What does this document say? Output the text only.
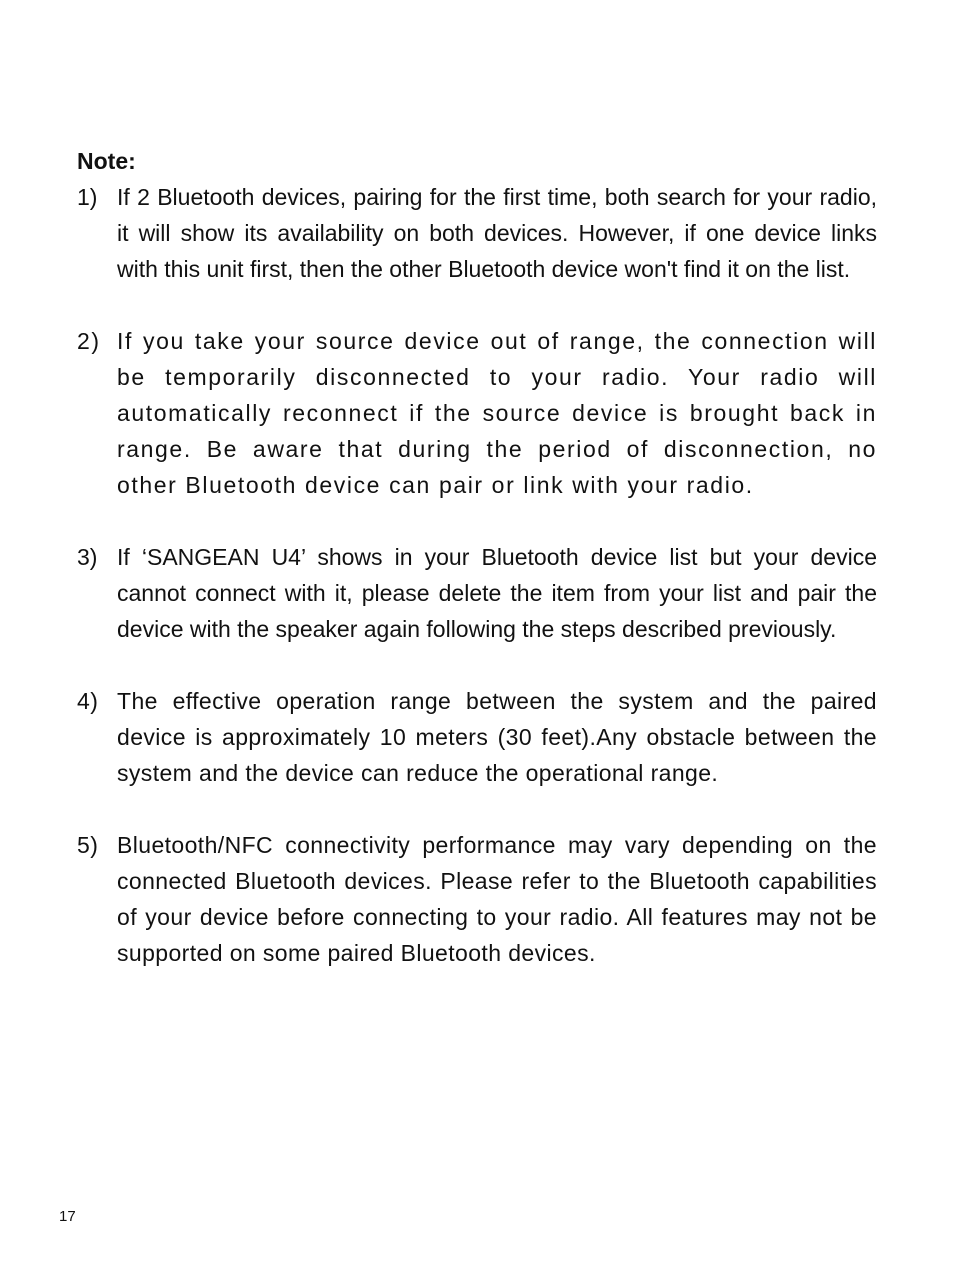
Note:

1) If 2 Bluetooth devices, pairing for the first time, both search for your radio, it will show its availability on both devices. However, if one device links with this unit first, then the other Bluetooth device won't find it on the list.
2) If you take your source device out of range, the connection will be temporarily disconnected to your radio. Your radio will automatically reconnect if the source device is brought back in range. Be aware that during the period of disconnection, no other Bluetooth device can pair or link with your radio.
3) If ‘SANGEAN U4’ shows in your Bluetooth device list but your device cannot connect with it, please delete the item from your list and pair the device with the speaker again following the steps described previously.
4) The effective operation range between the system and the paired device is approximately 10 meters (30 feet).Any obstacle between the system and the device can reduce the operational range.
5) Bluetooth/NFC connectivity performance may vary depending on the connected Bluetooth devices. Please refer to the Bluetooth capabilities of your device before connecting to your radio. All features may not be supported on some paired Bluetooth devices.

17
